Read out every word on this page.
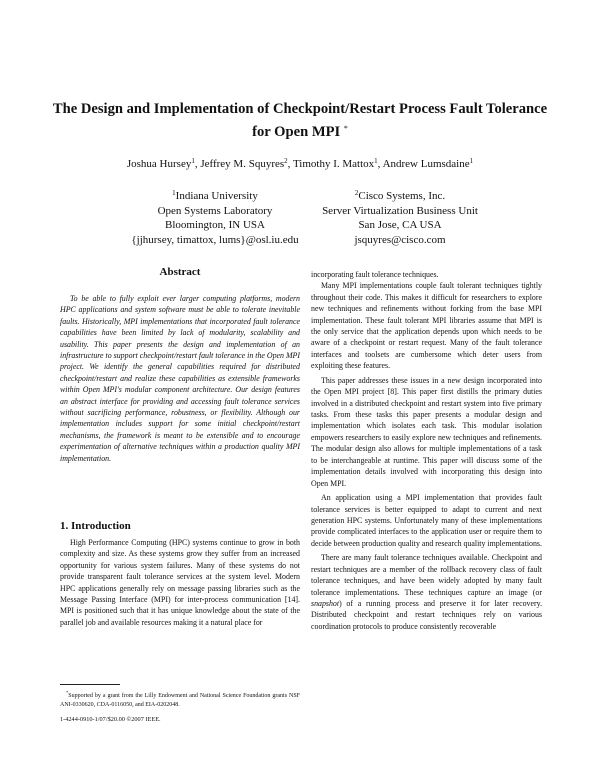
The Design and Implementation of Checkpoint/Restart Process Fault Tolerance
for Open MPI *
Joshua Hursey$^1$, Jeffrey M. Squyres$^2$, Timothy I. Mattox$^1$, Andrew Lumsdaine$^1$
$^1$Indiana University
Open Systems Laboratory
Bloomington, IN USA
{jjhursey, timattox, lums}@osl.iu.edu
$^2$Cisco Systems, Inc.
Server Virtualization Business Unit
San Jose, CA USA
jsquyres@cisco.com
Abstract

To be able to fully exploit ever larger computing platforms, modern HPC applications and system software must be able to tolerate inevitable faults. Historically, MPI implementations that incorporated fault tolerance capabilities have been limited by lack of modularity, scalability and usability. This paper presents the design and implementation of an infrastructure to support checkpoint/restart fault tolerance in the Open MPI project. We identify the general capabilities required for distributed checkpoint/restart and realize these capabilities as extensible frameworks within Open MPI's modular component architecture. Our design features an abstract interface for providing and accessing fault tolerance services without sacrificing performance, robustness, or flexibility. Although our implementation includes support for some initial checkpoint/restart mechanisms, the framework is meant to be extensible and to encourage experimentation of alternative techniques within a production quality MPI implementation.

1. Introduction

High Performance Computing (HPC) systems continue to grow in both complexity and size. As these systems grow they suffer from an increased opportunity for various system failures. Many of these systems do not provide transparent fault tolerance services at the system level. Modern HPC applications generally rely on message passing libraries such as the Message Passing Interface (MPI) for inter-process communication [14]. MPI is positioned such that it has unique knowledge about the state of the parallel job and available resources making it a natural place for

*Supported by a grant from the Lilly Endowment and National Science Foundation grants NSF ANI-0330620, CDA-0116050, and EIA-0202048.

1-4244-0910-1/07/$20.00 ©2007 IEEE.

incorporating fault tolerance techniques.

Many MPI implementations couple fault tolerant techniques tightly throughout their code. This makes it difficult for researchers to explore new techniques and refinements without forking from the base MPI implementation. These fault tolerant MPI libraries assume that MPI is the only service that the application depends upon which needs to be aware of a checkpoint or restart request. Many of the fault tolerance interfaces and toolsets are cumbersome which deter users from exploiting these features.

This paper addresses these issues in a new design incorporated into the Open MPI project [8]. This paper first distills the primary duties involved in a distributed checkpoint and restart system into five primary tasks. From these tasks this paper presents a modular design and implementation which isolates each task. This modular isolation empowers researchers to easily explore new techniques and refinements. The modular design also allows for multiple implementations of a task to be interchangeable at runtime. This paper will discuss some of the implementation details involved with incorporating this design into Open MPI.

An application using a MPI implementation that provides fault tolerance services is better equipped to adapt to current and next generation HPC systems. Unfortunately many of these implementations provide complicated interfaces to the application user or require them to decide between production quality and research quality implementations.

There are many fault tolerance techniques available. Checkpoint and restart techniques are a member of the rollback recovery class of fault tolerance techniques, and have been widely adopted by many fault tolerance implementations. These techniques capture an image (or snapshot) of a running process and preserve it for later recovery. Distributed checkpoint and restart techniques rely on various coordination protocols to produce consistently recoverable
